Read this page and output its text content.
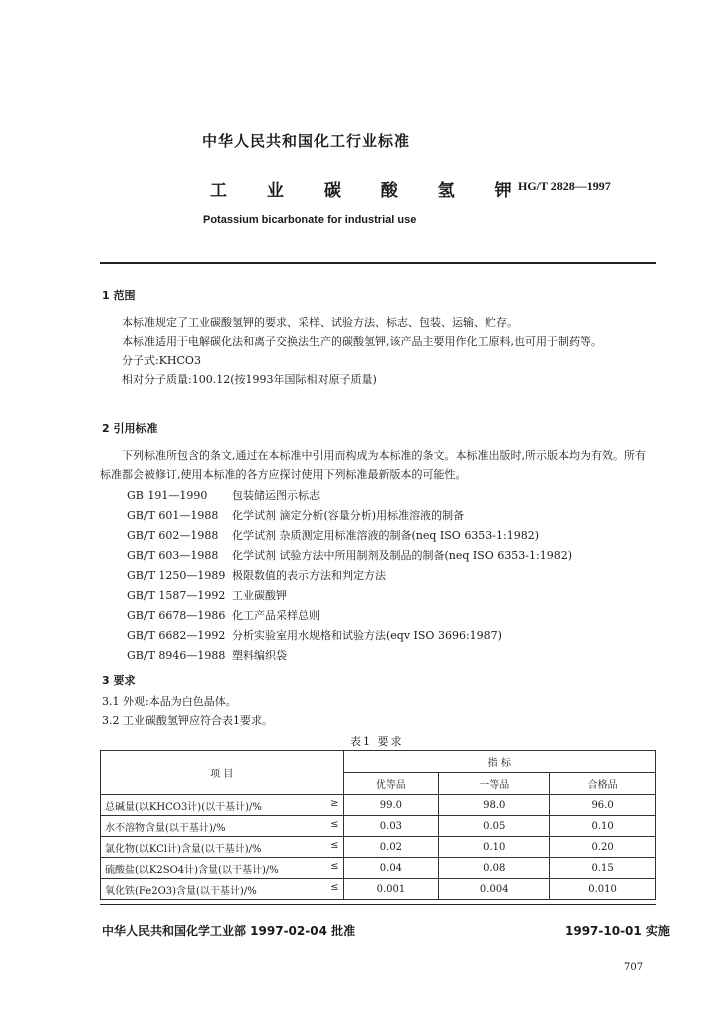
中华人民共和国化工行业标准
工 业 碳 酸 氢 钾
HG/T 2828—1997
Potassium bicarbonate for industrial use
1 范围

本标准规定了工业碳酸氢钾的要求、采样、试验方法、标志、包装、运输、贮存。

本标准适用于电解碳化法和离子交换法生产的碳酸氢钾,该产品主要用作化工原料,也可用于制药等。

分子式:KHCO3

相对分子质量:100.12(按1993年国际相对原子质量)

2 引用标准

下列标准所包含的条文,通过在本标准中引用而构成为本标准的条文。本标准出版时,所示版本均为有效。所有标准都会被修订,使用本标准的各方应探讨使用下列标准最新版本的可能性。

GB 191—1990 包装储运图示标志
GB/T 601—1988 化学试剂 滴定分析(容量分析)用标准溶液的制备
GB/T 602—1988 化学试剂 杂质测定用标准溶液的制备(neq ISO 6353-1:1982)
GB/T 603—1988 化学试剂 试验方法中所用制剂及制品的制备(neq ISO 6353-1:1982)
GB/T 1250—1989 极限数值的表示方法和判定方法
GB/T 1587—1992 工业碳酸钾
GB/T 6678—1986 化工产品采样总则
GB/T 6682—1992 分析实验室用水规格和试验方法(eqv ISO 3696:1987)
GB/T 8946—1988 塑料编织袋
3 要求
3.1 外观:本品为白色晶体。
3.2 工业碳酸氢钾应符合表1要求。
表1 要求
项 目	指 标		
	优等品	一等品	合格品
总碱量(以KHCO3计)(以干基计)/% ≥	99.0	98.0	96.0
水不溶物含量(以干基计)/% ≤	0.03	0.05	0.10
氯化物(以KCl计)含量(以干基计)/% ≤	0.02	0.10	0.20
硫酸盐(以K2SO4计)含量(以干基计)/% ≤	0.04	0.08	0.15
氧化铁(Fe2O3)含量(以干基计)/% ≤	0.001	0.004	0.010
中华人民共和国化学工业部 1997-02-04 批准	1997-10-01 实施
707
